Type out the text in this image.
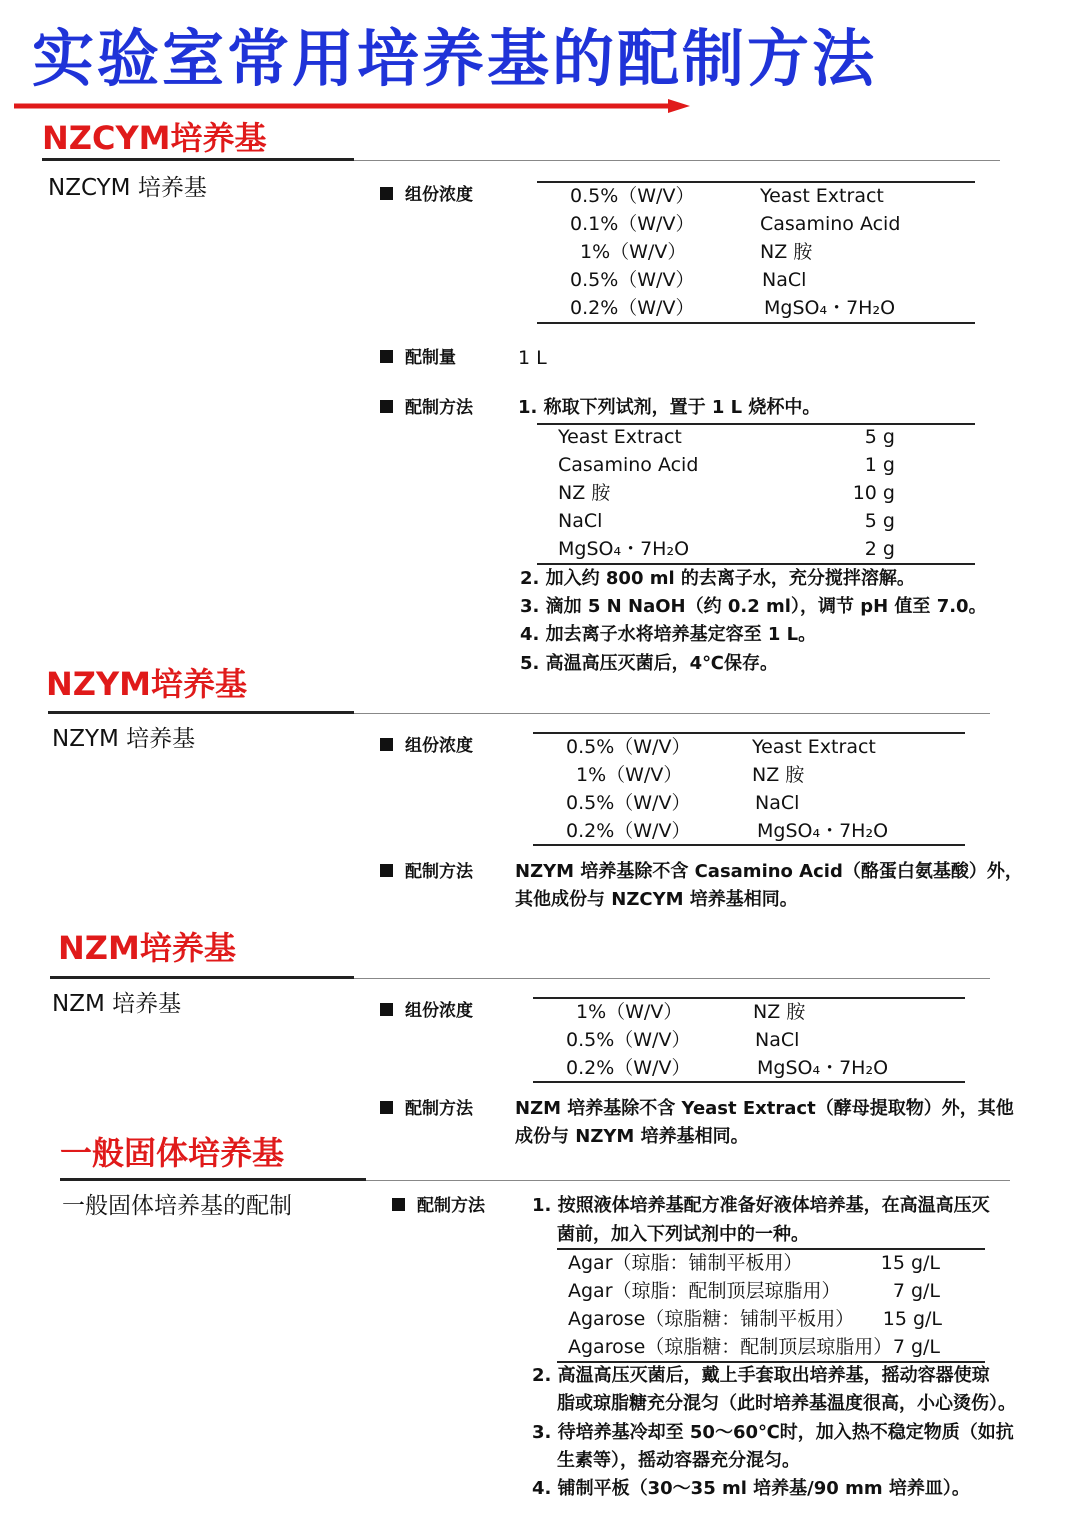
实验室常用培养基的配制方法
NZCYM培养基
NZCYM 培养基	组份浓度	0.5%（W/V）	Yeast Extract
0.1%（W/V）	Casamino Acid
1%（W/V）	NZ 胺
0.5%（W/V）	NaCl
0.2%（W/V）	MgSO₄・7H₂O
配制量	1 L
配制方法	1. 称取下列试剂，置于 1 L 烧杯中。
Yeast Extract	5 g
Casamino Acid	1 g
NZ 胺	10 g
NaCl	5 g
MgSO₄・7H₂O	2 g
2. 加入约 800 ml 的去离子水，充分搅拌溶解。
3. 滴加 5 N NaOH（约 0.2 ml），调节 pH 值至 7.0。
4. 加去离子水将培养基定容至 1 L。
5. 高温高压灭菌后，4℃保存。
NZYM培养基
NZYM 培养基	组份浓度	0.5%（W/V）	Yeast Extract
1%（W/V）	NZ 胺
0.5%（W/V）	NaCl
0.2%（W/V）	MgSO₄・7H₂O
配制方法 NZYM 培养基除不含 Casamino Acid（酪蛋白氨基酸）外，
其他成份与 NZCYM 培养基相同。
NZM培养基
NZM 培养基	组份浓度	1%（W/V）	NZ 胺
0.5%（W/V）	NaCl
0.2%（W/V）	MgSO₄・7H₂O
配制方法 NZM 培养基除不含 Yeast Extract（酵母提取物）外，其他
成份与 NZYM 培养基相同。
一般固体培养基
一般固体培养基的配制	配制方法	1. 按照液体培养基配方准备好液体培养基，在高温高压灭
菌前，加入下列试剂中的一种。
Agar（琼脂：铺制平板用）	15 g/L
Agar（琼脂：配制顶层琼脂用）	7 g/L
Agarose（琼脂糖：铺制平板用）	15 g/L
Agarose（琼脂糖：配制顶层琼脂用） 7 g/L
2. 高温高压灭菌后，戴上手套取出培养基，摇动容器使琼
脂或琼脂糖充分混匀（此时培养基温度很高，小心烫伤）。
3. 待培养基冷却至 50～60℃时，加入热不稳定物质（如抗
生素等），摇动容器充分混匀。
4. 铺制平板（30～35 ml 培养基/90 mm 培养皿）。
